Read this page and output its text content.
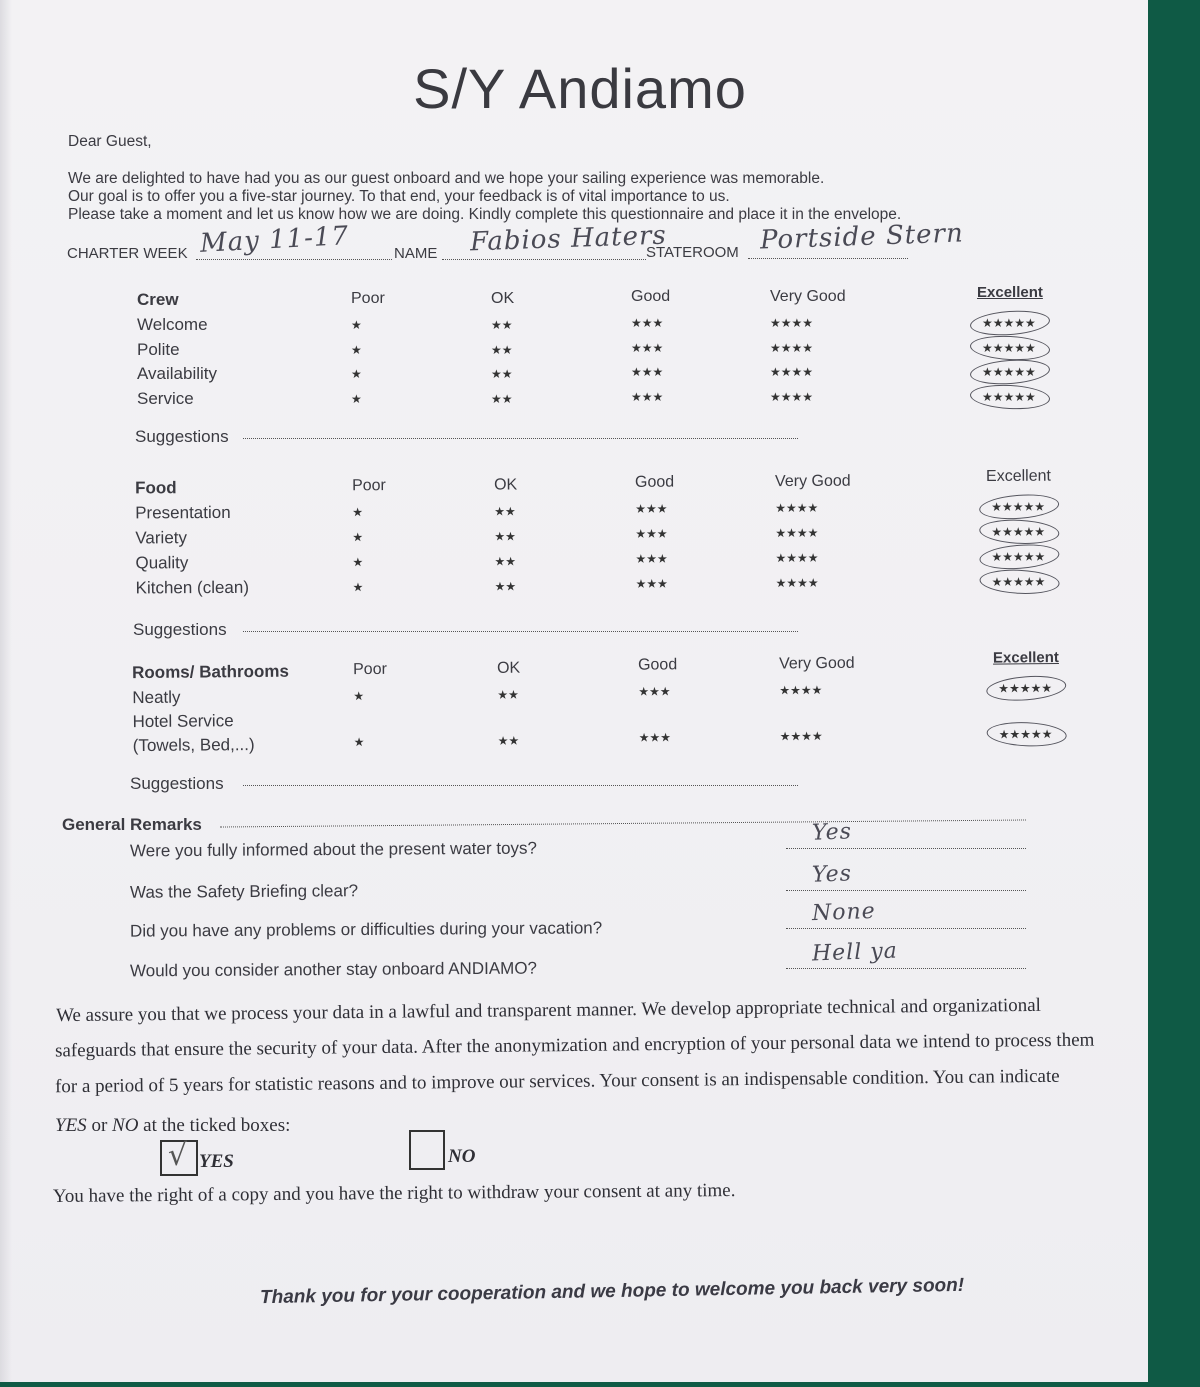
S/Y Andiamo
Dear Guest,
We are delighted to have had you as our guest onboard and we hope your sailing experience was memorable.
Our goal is to offer you a five-star journey. To that end, your feedback is of vital importance to us.
Please take a moment and let us know how we are doing. Kindly complete this questionnaire and place it in the envelope.
CHARTER WEEK May 11-17	NAME Fabios Haters
STATEROOM Portside Stern
General Remarks
We assure you that we process your data in a lawful and transparent manner. We develop appropriate technical and organizational
safeguards that ensure the security of your data. After the anonymization and encryption of your personal data we intend to process them
for a period of 5 years for statistic reasons and to improve our services. Your consent is an indispensable condition. You can indicate
YES or NO at the ticked boxes:
√ YES	NO
You have the right of a copy and you have the right to withdraw your consent at any time.
Thank you for your cooperation and we hope to welcome you back very soon!
Crew	Poor	OK	Good	Very Good	Excellent
Welcome	★	★★	★★★	★★★★	★★★★★
Polite	★	★★	★★★	★★★★	★★★★★
Availability	★	★★	★★★	★★★★	★★★★★
Service	★	★★	★★★	★★★★	★★★★★
Suggestions
Food	Poor	OK	Good	Very Good	Excellent
Presentation	★	★★	★★★	★★★★	★★★★★
Variety	★	★★	★★★	★★★★	★★★★★
Quality	★	★★	★★★	★★★★	★★★★★
Kitchen (clean)	★	★★	★★★	★★★★	★★★★★
Suggestions
Rooms/ Bathrooms	Poor	OK	Good	Very Good	Excellent
Neatly	★	★★	★★★	★★★★	★★★★★
Hotel Service
(Towels, Bed,...)	★	★★	★★★	★★★★	★★★★★
Suggestions
Were you fully informed about the present water toys?
Yes
Was the Safety Briefing clear?
Yes
Did you have any problems or difficulties during your vacation?
None
Would you consider another stay onboard ANDIAMO?
Hell ya
